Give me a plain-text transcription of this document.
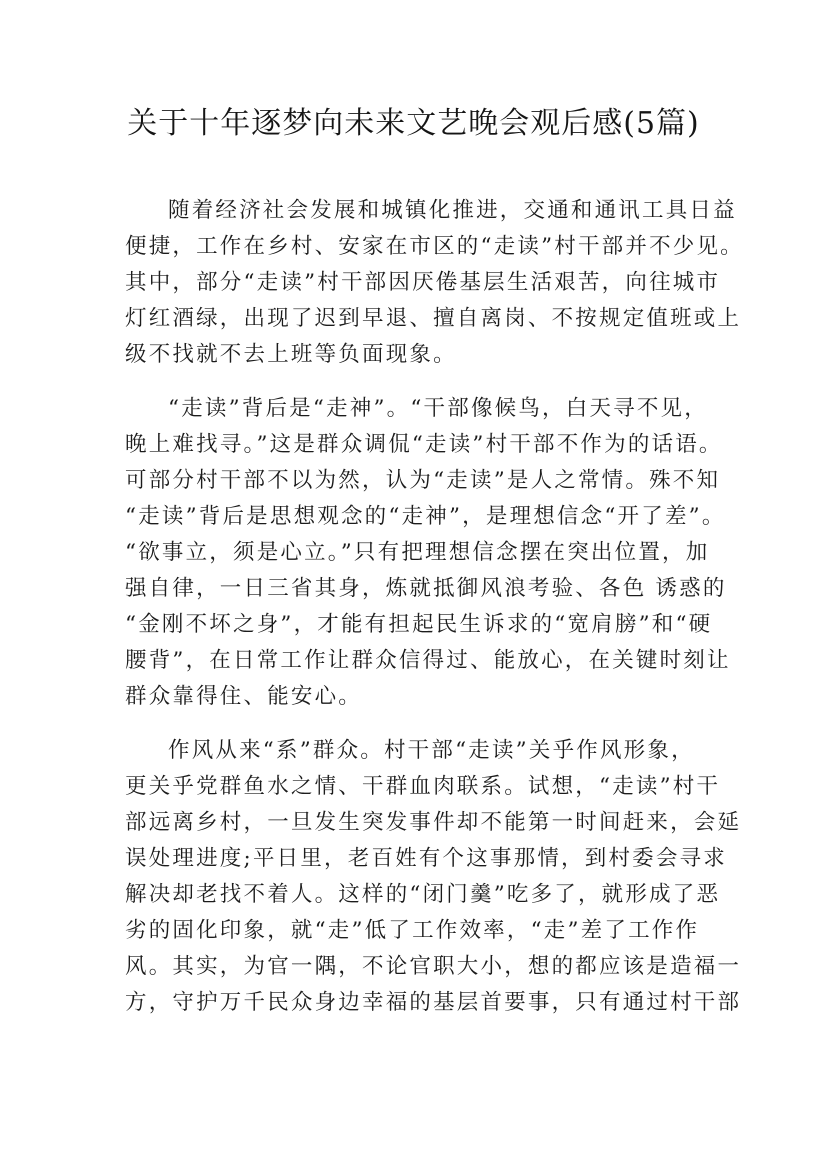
关于十年逐梦向未来文艺晚会观后感(5篇)
随着经济社会发展和城镇化推进，交通和通讯工具日益
便捷，工作在乡村、安家在市区的“走读”村干部并不少见。
其中，部分“走读”村干部因厌倦基层生活艰苦，向往城市
灯红酒绿，出现了迟到早退、擅自离岗、不按规定值班或上
级不找就不去上班等负面现象。
“走读”背后是“走神”。“干部像候鸟，白天寻不见，
晚上难找寻。”这是群众调侃“走读”村干部不作为的话语。
可部分村干部不以为然，认为“走读”是人之常情。殊不知
“走读”背后是思想观念的“走神”，是理想信念“开了差”。
“欲事立，须是心立。”只有把理想信念摆在突出位置，加
强自律，一日三省其身，炼就抵御风浪考验、各色 诱惑的
“金刚不坏之身”，才能有担起民生诉求的“宽肩膀”和“硬
腰背”，在日常工作让群众信得过、能放心，在关键时刻让
群众靠得住、能安心。
作风从来“系”群众。村干部“走读”关乎作风形象，
更关乎党群鱼水之情、干群血肉联系。试想，“走读”村干
部远离乡村，一旦发生突发事件却不能第一时间赶来，会延
误处理进度;平日里，老百姓有个这事那情，到村委会寻求
解决却老找不着人。这样的“闭门羹”吃多了，就形成了恶
劣的固化印象，就“走”低了工作效率，“走”差了工作作
风。其实，为官一隅，不论官职大小，想的都应该是造福一
方，守护万千民众身边幸福的基层首要事，只有通过村干部
